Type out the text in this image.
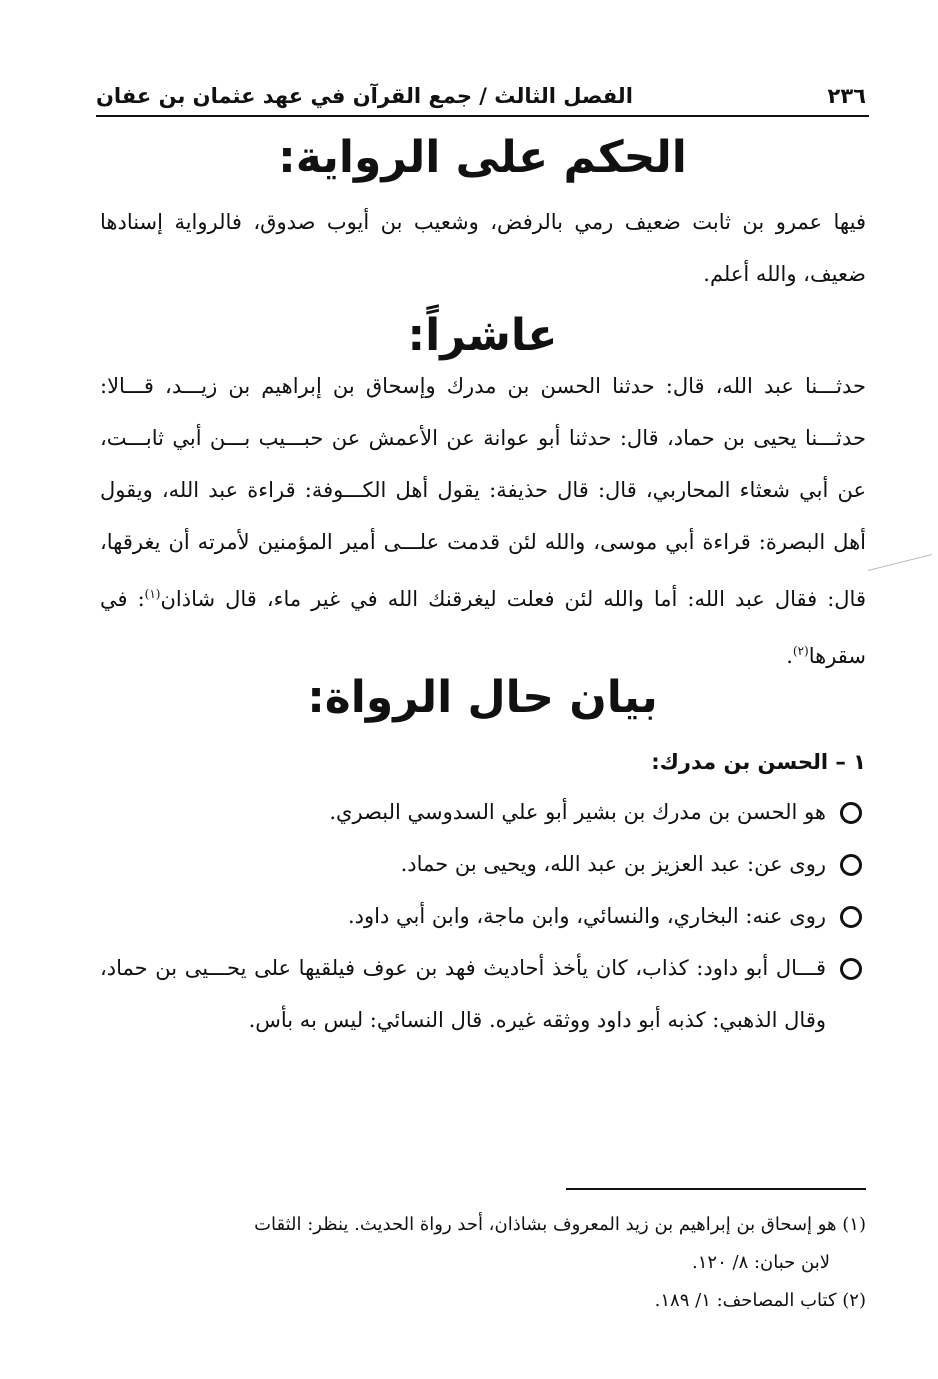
٢٣٦
الفصل الثالث / جمع القرآن في عهد عثمان بن عفان
الحكم على الرواية:

فيها عمرو بن ثابت ضعيف رمي بالرفض، وشعيب بن أيوب صدوق، فالرواية إسنادها ضعيف، والله أعلم.

عاشراً:

حدثـــنا عبد الله، قال: حدثنا الحسن بن مدرك وإسحاق بن إبراهيم بن زيـــد، قـــالا: حدثـــنا يحيى بن حماد، قال: حدثنا أبو عوانة عن الأعمش عن حبـــيب بـــن أبي ثابـــت، عن أبي شعثاء المحاربي، قال: قال حذيفة: يقول أهل الكـــوفة: قراءة عبد الله، ويقول أهل البصرة: قراءة أبي موسى، والله لئن قدمت علـــى أمير المؤمنين لأمرته أن يغرقها، قال: فقال عبد الله: أما والله لئن فعلت ليغرقنك الله في غير ماء، قال شاذان$^{(١)}$: في سقرها$^{(٢)}$.

بيان حال الرواة:
١ – الحسن بن مدرك:
هو الحسن بن مدرك بن بشير أبو علي السدوسي البصري.
روى عن: عبد العزيز بن عبد الله، ويحيى بن حماد.
روى عنه: البخاري، والنسائي، وابن ماجة، وابن أبي داود.
قـــال أبو داود: كذاب، كان يأخذ أحاديث فهد بن عوف فيلقيها على يحـــيى بن حماد، وقال الذهبي: كذبه أبو داود ووثقه غيره. قال النسائي: ليس به بأس.
(١) هو إسحاق بن إبراهيم بن زيد المعروف بشاذان، أحد رواة الحديث. ينظر: الثقات
لابن حبان: ٨/ ١٢٠.
(٢) كتاب المصاحف: ١/ ١٨٩.
